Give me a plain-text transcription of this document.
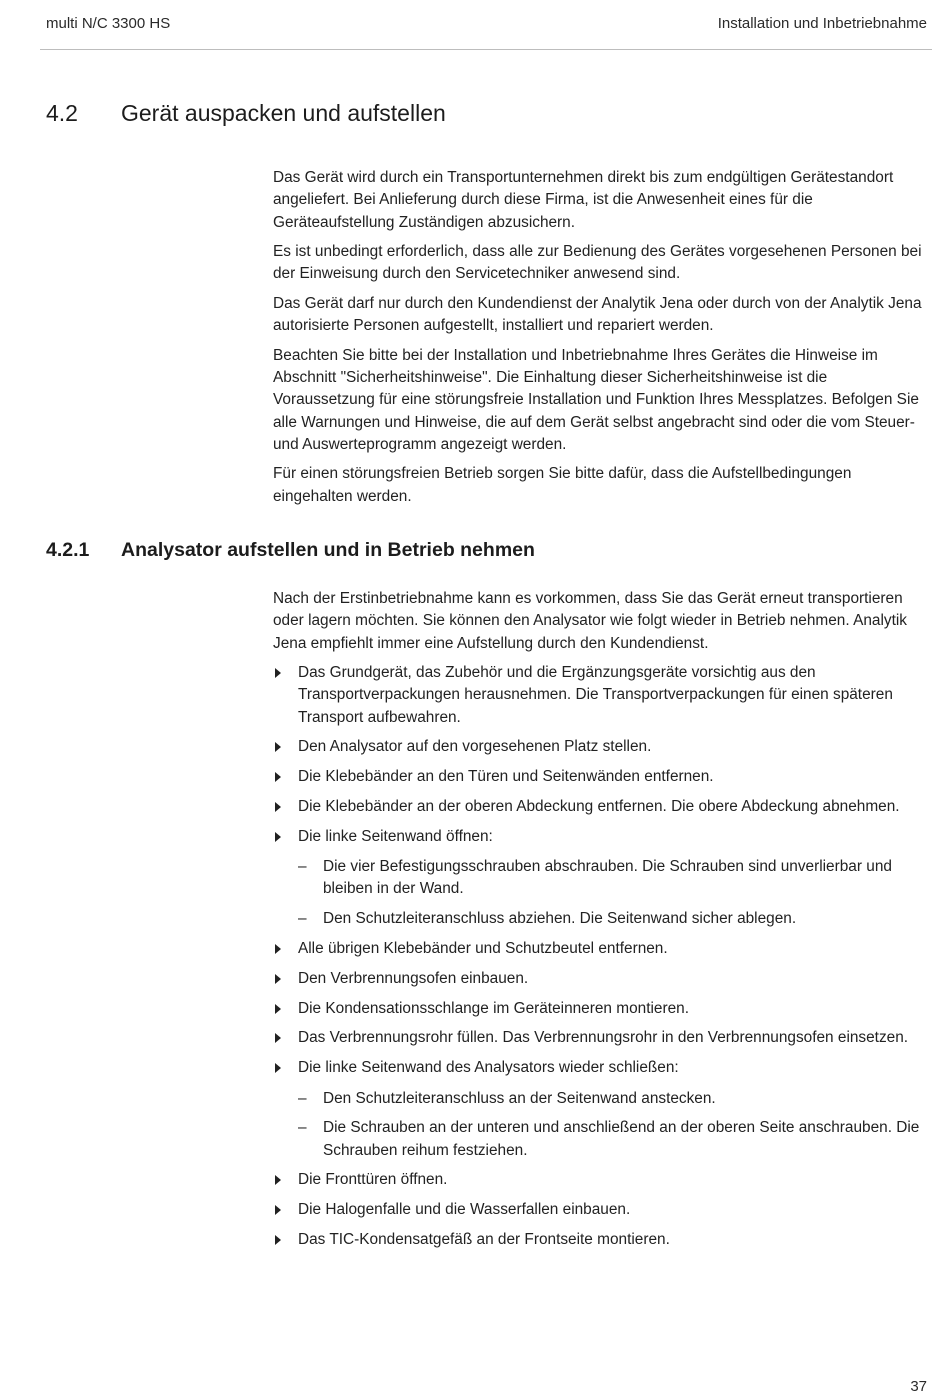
multi N/C 3300 HS	Installation und Inbetriebnahme
4.2 Gerät auspacken und aufstellen

Das Gerät wird durch ein Transportunternehmen direkt bis zum endgültigen Gerätestandort angeliefert. Bei Anlieferung durch diese Firma, ist die Anwesenheit eines für die Geräteaufstellung Zuständigen abzusichern.

Es ist unbedingt erforderlich, dass alle zur Bedienung des Gerätes vorgesehenen Personen bei der Einweisung durch den Servicetechniker anwesend sind.

Das Gerät darf nur durch den Kundendienst der Analytik Jena oder durch von der Analytik Jena autorisierte Personen aufgestellt, installiert und repariert werden.

Beachten Sie bitte bei der Installation und Inbetriebnahme Ihres Gerätes die Hinweise im Abschnitt "Sicherheitshinweise". Die Einhaltung dieser Sicherheitshinweise ist die Voraussetzung für eine störungsfreie Installation und Funktion Ihres Messplatzes. Befolgen Sie alle Warnungen und Hinweise, die auf dem Gerät selbst angebracht sind oder die vom Steuer- und Auswerteprogramm angezeigt werden.

Für einen störungsfreien Betrieb sorgen Sie bitte dafür, dass die Aufstellbedingungen eingehalten werden.

4.2.1 Analysator aufstellen und in Betrieb nehmen

Nach der Erstinbetriebnahme kann es vorkommen, dass Sie das Gerät erneut transportieren oder lagern möchten. Sie können den Analysator wie folgt wieder in Betrieb nehmen. Analytik Jena empfiehlt immer eine Aufstellung durch den Kundendienst.

Das Grundgerät, das Zubehör und die Ergänzungsgeräte vorsichtig aus den Transportverpackungen herausnehmen. Die Transportverpackungen für einen späteren Transport aufbewahren.
Den Analysator auf den vorgesehenen Platz stellen.
Die Klebebänder an den Türen und Seitenwänden entfernen.
Die Klebebänder an der oberen Abdeckung entfernen. Die obere Abdeckung abnehmen.
Die linke Seitenwand öffnen:
– Die vier Befestigungsschrauben abschrauben. Die Schrauben sind unverlierbar und bleiben in der Wand.
– Den Schutzleiteranschluss abziehen. Die Seitenwand sicher ablegen.
Alle übrigen Klebebänder und Schutzbeutel entfernen.
Den Verbrennungsofen einbauen.
Die Kondensationsschlange im Geräteinneren montieren.
Das Verbrennungsrohr füllen. Das Verbrennungsrohr in den Verbrennungsofen einsetzen.
Die linke Seitenwand des Analysators wieder schließen:
– Den Schutzleiteranschluss an der Seitenwand anstecken.
– Die Schrauben an der unteren und anschließend an der oberen Seite anschrauben. Die Schrauben reihum festziehen.
Die Fronttüren öffnen.
Die Halogenfalle und die Wasserfallen einbauen.
Das TIC-Kondensatgefäß an der Frontseite montieren.
37
